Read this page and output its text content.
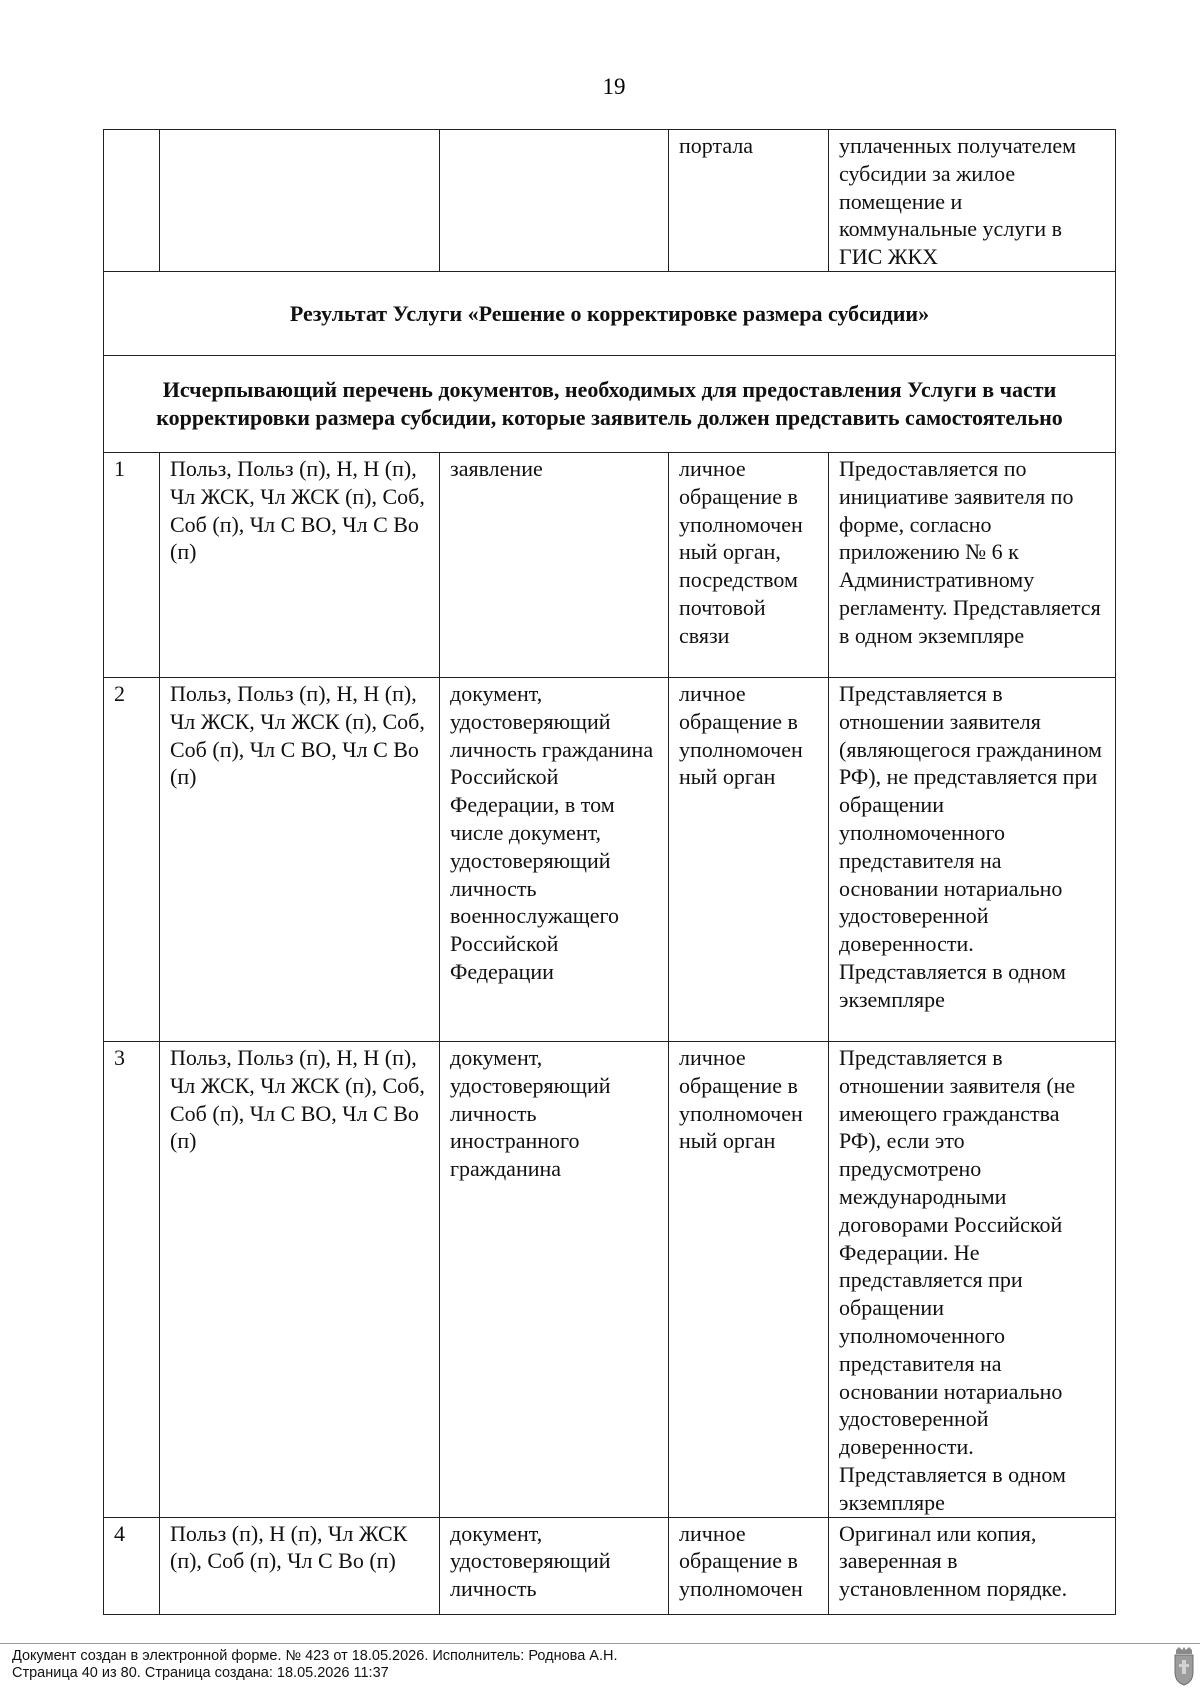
19
			портала	уплаченных получателем субсидии за жилое помещение и коммунальные услуги в ГИС ЖКХ
Результат Услуги «Решение о корректировке размера субсидии»				
Исчерпывающий перечень документов, необходимых для предоставления Услуги в части корректировки размера субсидии, которые заявитель должен представить самостоятельно				
1	Польз, Польз (п), Н, Н (п), Чл ЖСК, Чл ЖСК (п), Соб, Соб (п), Чл С ВО, Чл С Во (п)	заявление	личное обращение в уполномочен ный орган, посредством почтовой связи	Предоставляется по инициативе заявителя по форме, согласно приложению № 6 к Административному регламенту. Представляется в одном экземпляре
2	Польз, Польз (п), Н, Н (п), Чл ЖСК, Чл ЖСК (п), Соб, Соб (п), Чл С ВО, Чл С Во (п)	документ, удостоверяющий личность гражданина Российской Федерации, в том числе документ, удостоверяющий личность военнослужащего Российской Федерации	личное обращение в уполномочен ный орган	Представляется в отношении заявителя (являющегося гражданином РФ), не представляется при обращении уполномоченного представителя на основании нотариально удостоверенной доверенности. Представляется в одном экземпляре
3	Польз, Польз (п), Н, Н (п), Чл ЖСК, Чл ЖСК (п), Соб, Соб (п), Чл С ВО, Чл С Во (п)	документ, удостоверяющий личность иностранного гражданина	личное обращение в уполномочен ный орган	Представляется в отношении заявителя (не имеющего гражданства РФ), если это предусмотрено международными договорами Российской Федерации. Не представляется при обращении уполномоченного представителя на основании нотариально удостоверенной доверенности. Представляется в одном экземпляре
4	Польз (п), Н (п), Чл ЖСК (п), Соб (п), Чл С Во (п)	документ, удостоверяющий личность	личное обращение в уполномочен	Оригинал или копия, заверенная в установленном порядке.
Документ создан в электронной форме. № 423 от 18.05.2026. Исполнитель: Роднова А.Н.
Страница 40 из 80. Страница создана: 18.05.2026 11:37
